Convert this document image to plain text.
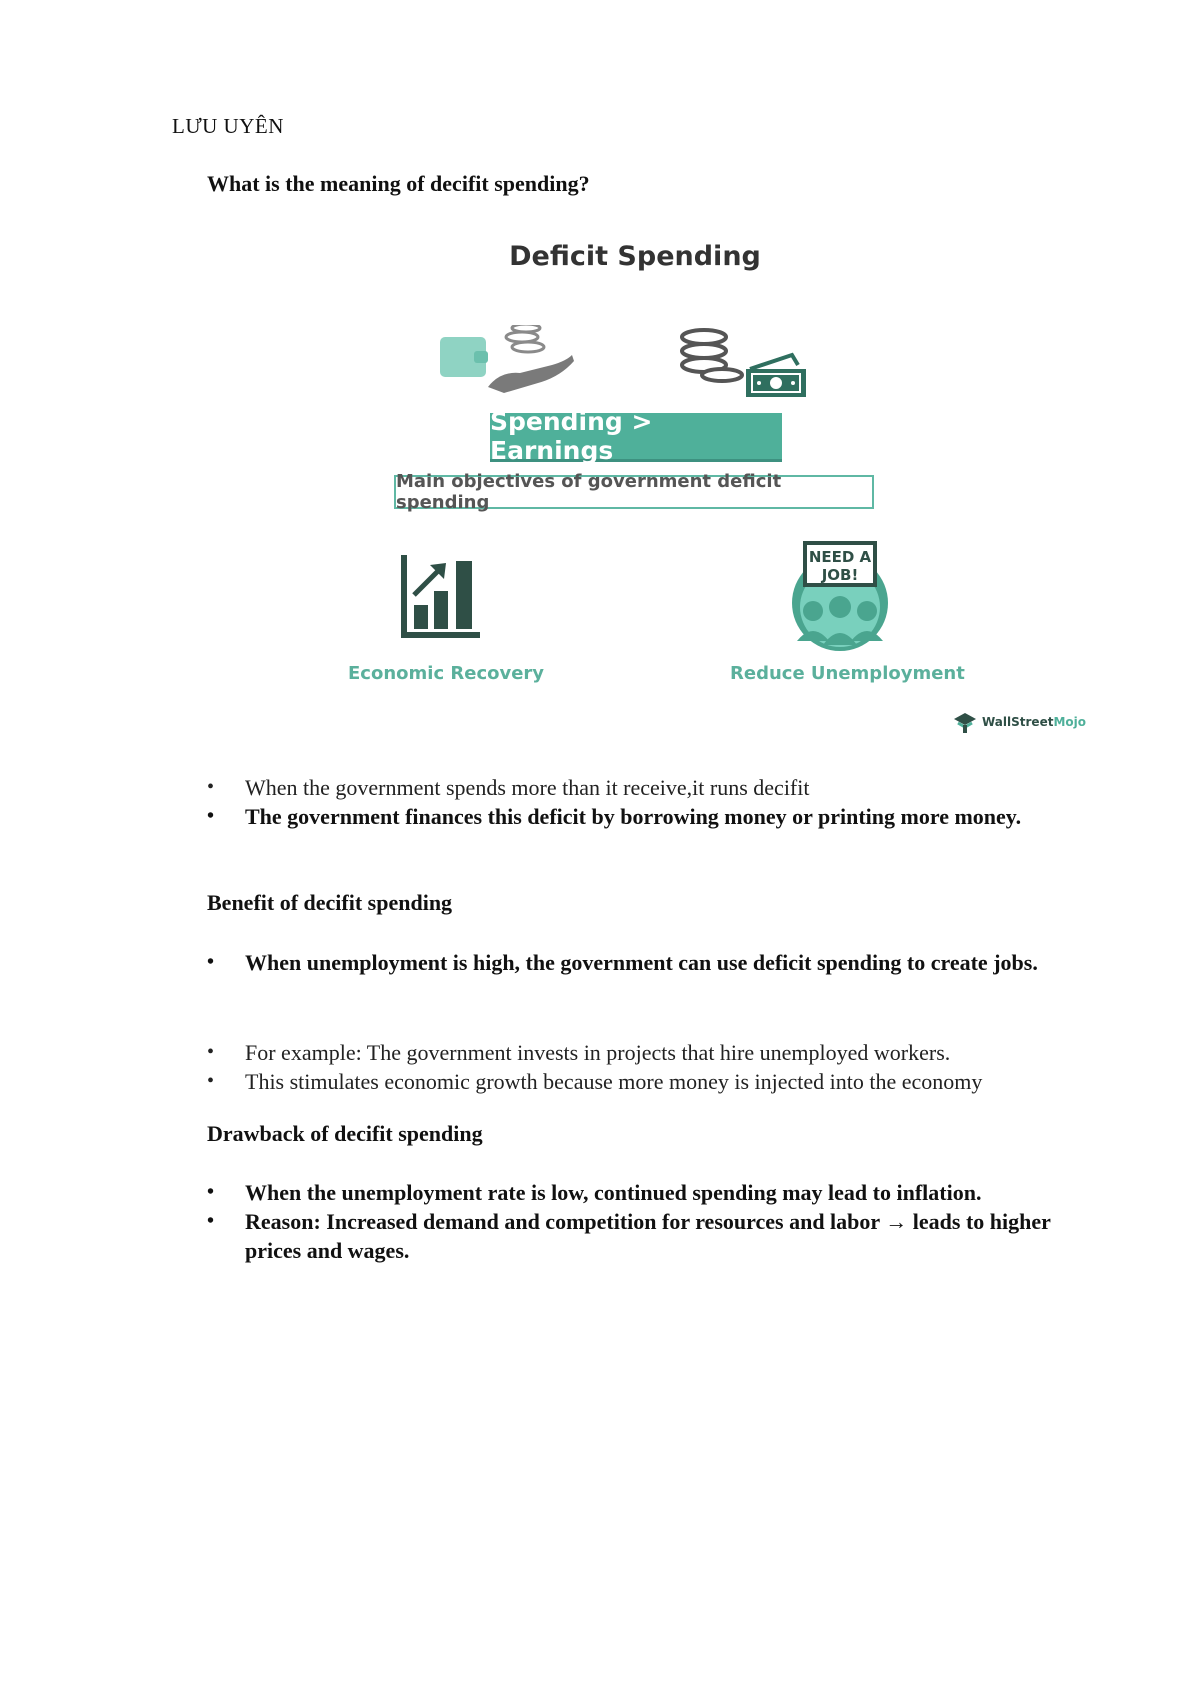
LƯU UYÊN
What is the meaning of decifit spending?
Deficit Spending
Spending > Earnings
Main objectives of government deficit spending
NEED A
JOB!
Economic Recovery	Reduce Unemployment
WallStreet Mojo
• When the government spends more than it receive,it runs decifit
• The government finances this deficit by borrowing money or printing more money.
Benefit of decifit spending
• When unemployment is high, the government can use deficit spending to create jobs.
• For example: The government invests in projects that hire unemployed workers.
• This stimulates economic growth because more money is injected into the economy
Drawback of decifit spending
• When the unemployment rate is low, continued spending may lead to inflation.
• Reason: Increased demand and competition for resources and labor → leads to higher prices and wages.
